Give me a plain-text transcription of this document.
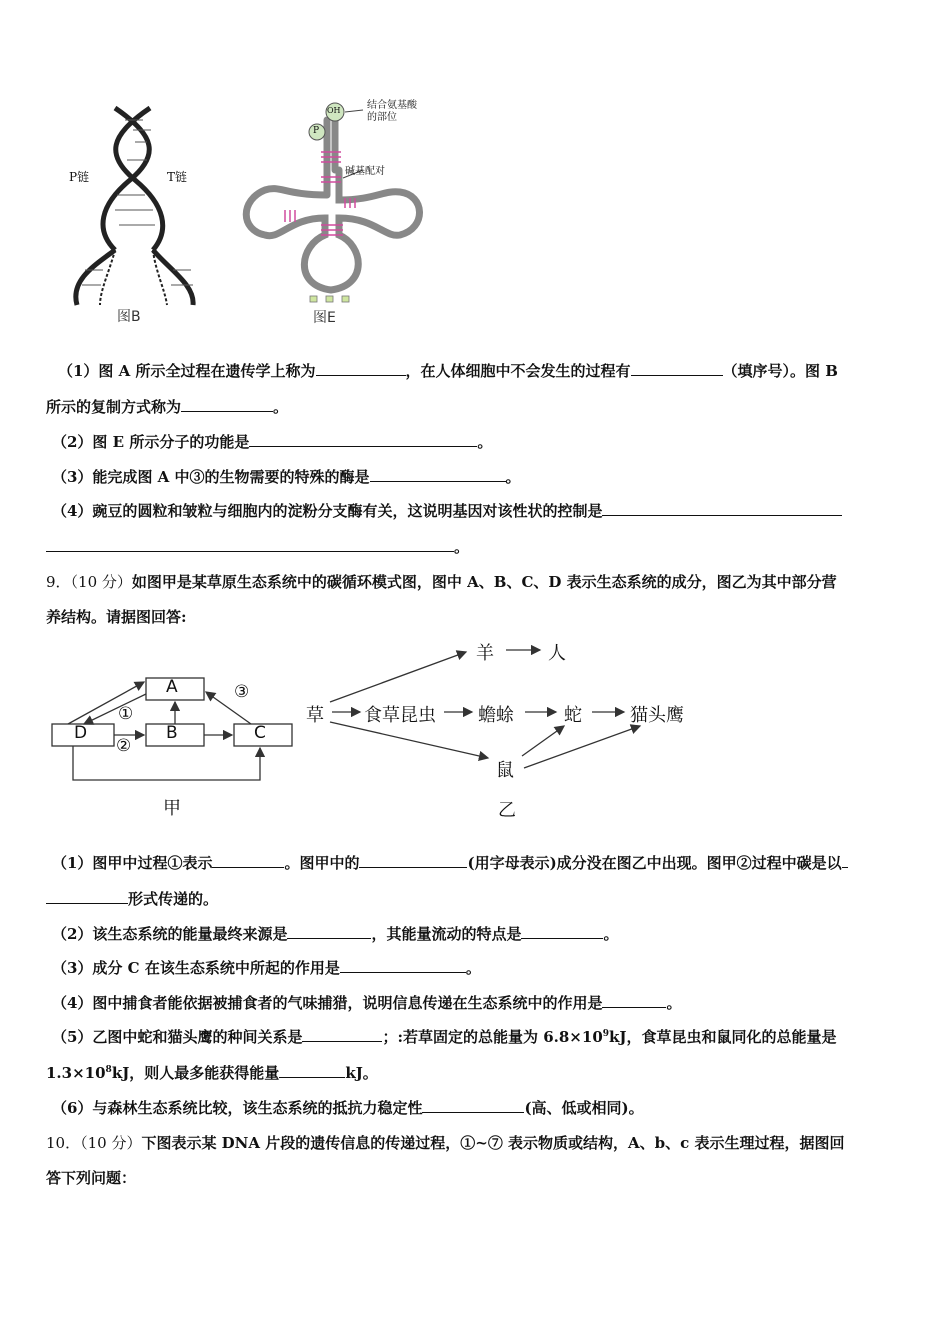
P链	T链
图B
OH
P
结合氨基酸
的部位
碱基配对
图E
（1）图 A 所示全过程在遗传学上称为	，在人体细胞中不会发生的过程有	（填序号）。图 B
所示的复制方式称为	。
（2）图 E 所示分子的功能是	。
（3）能完成图 A 中③的生物需要的特殊的酶是	。
（4）豌豆的圆粒和皱粒与细胞内的淀粉分支酶有关，这说明基因对该性状的控制是
。
9．（10 分）如图甲是某草原生态系统中的碳循环模式图，图中 A、B、C、D 表示生态系统的成分，图乙为其中部分营
养结构。请据图回答:
A
D	B	C
①
②
③
甲
草 食草昆虫 蟾蜍	蛇	猫头鹰
羊	人
鼠
乙
（1）图甲中过程①表示	。图甲中的	(用字母表示)成分没在图乙中出现。图甲②过程中碳是以
形式传递的。
（2）该生态系统的能量最终来源是	，其能量流动的特点是	。
（3）成分 C 在该生态系统中所起的作用是	。
（4）图中捕食者能依据被捕食者的气味捕猎，说明信息传递在生态系统中的作用是	。
（5）乙图中蛇和猫头鹰的种间关系是	；:若草固定的总能量为 $6.8\times 10^9kJ$，食草昆虫和鼠同化的总能量是
$1.3\times 10^8kJ$，则人最多能获得能量	kJ。
（6）与森林生态系统比较，该生态系统的抵抗力稳定性	(高、低或相同)。
10．（10 分）下图表示某 DNA 片段的遗传信息的传递过程，①~⑦ 表示物质或结构，A、b、c 表示生理过程，据图回
答下列问题：
